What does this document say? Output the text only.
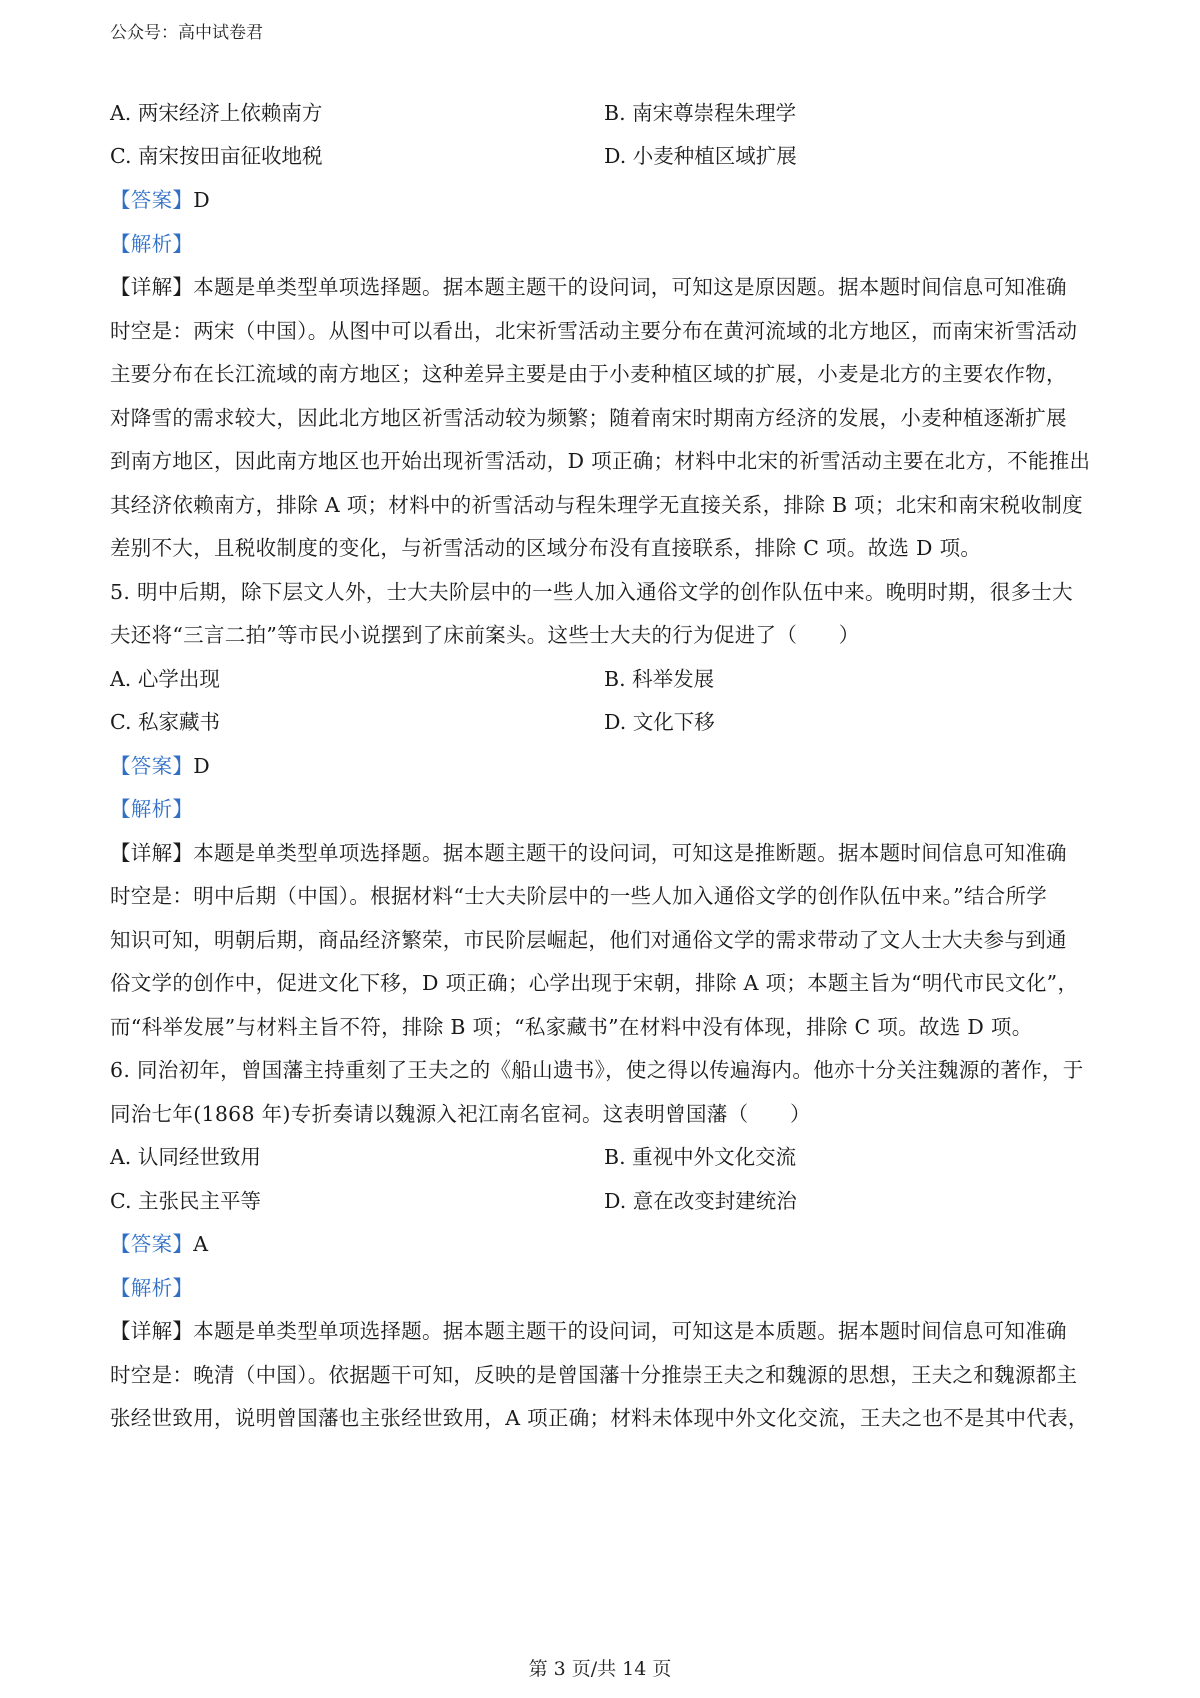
公众号：高中试卷君
A. 两宋经济上依赖南方	B. 南宋尊崇程朱理学
C. 南宋按田亩征收地税	D. 小麦种植区域扩展
【答案】D
【解析】
【详解】本题是单类型单项选择题。据本题主题干的设问词，可知这是原因题。据本题时间信息可知准确
时空是：两宋（中国）。从图中可以看出，北宋祈雪活动主要分布在黄河流域的北方地区，而南宋祈雪活动
主要分布在长江流域的南方地区；这种差异主要是由于小麦种植区域的扩展，小麦是北方的主要农作物，
对降雪的需求较大，因此北方地区祈雪活动较为频繁；随着南宋时期南方经济的发展，小麦种植逐渐扩展
到南方地区，因此南方地区也开始出现祈雪活动，D 项正确；材料中北宋的祈雪活动主要在北方，不能推出
其经济依赖南方，排除 A 项；材料中的祈雪活动与程朱理学无直接关系，排除 B 项；北宋和南宋税收制度
差别不大，且税收制度的变化，与祈雪活动的区域分布没有直接联系，排除 C 项。故选 D 项。
5. 明中后期，除下层文人外，士大夫阶层中的一些人加入通俗文学的创作队伍中来。晚明时期，很多士大
夫还将“三言二拍”等市民小说摆到了床前案头。这些士大夫的行为促进了（　　）
A. 心学出现	B. 科举发展
C. 私家藏书	D. 文化下移
【答案】D
【解析】
【详解】本题是单类型单项选择题。据本题主题干的设问词，可知这是推断题。据本题时间信息可知准确
时空是：明中后期（中国）。根据材料“士大夫阶层中的一些人加入通俗文学的创作队伍中来。”结合所学
知识可知，明朝后期，商品经济繁荣，市民阶层崛起，他们对通俗文学的需求带动了文人士大夫参与到通
俗文学的创作中，促进文化下移，D 项正确；心学出现于宋朝，排除 A 项；本题主旨为“明代市民文化”，
而“科举发展”与材料主旨不符，排除 B 项；“私家藏书”在材料中没有体现，排除 C 项。故选 D 项。
6. 同治初年，曾国藩主持重刻了王夫之的《船山遗书》，使之得以传遍海内。他亦十分关注魏源的著作，于
同治七年(1868 年)专折奏请以魏源入祀江南名宦祠。这表明曾国藩（　　）
A. 认同经世致用	B. 重视中外文化交流
C. 主张民主平等	D. 意在改变封建统治
【答案】A
【解析】
【详解】本题是单类型单项选择题。据本题主题干的设问词，可知这是本质题。据本题时间信息可知准确
时空是：晚清（中国）。依据题干可知，反映的是曾国藩十分推崇王夫之和魏源的思想，王夫之和魏源都主
张经世致用，说明曾国藩也主张经世致用，A 项正确；材料未体现中外文化交流，王夫之也不是其中代表，
第 3 页/共 14 页
